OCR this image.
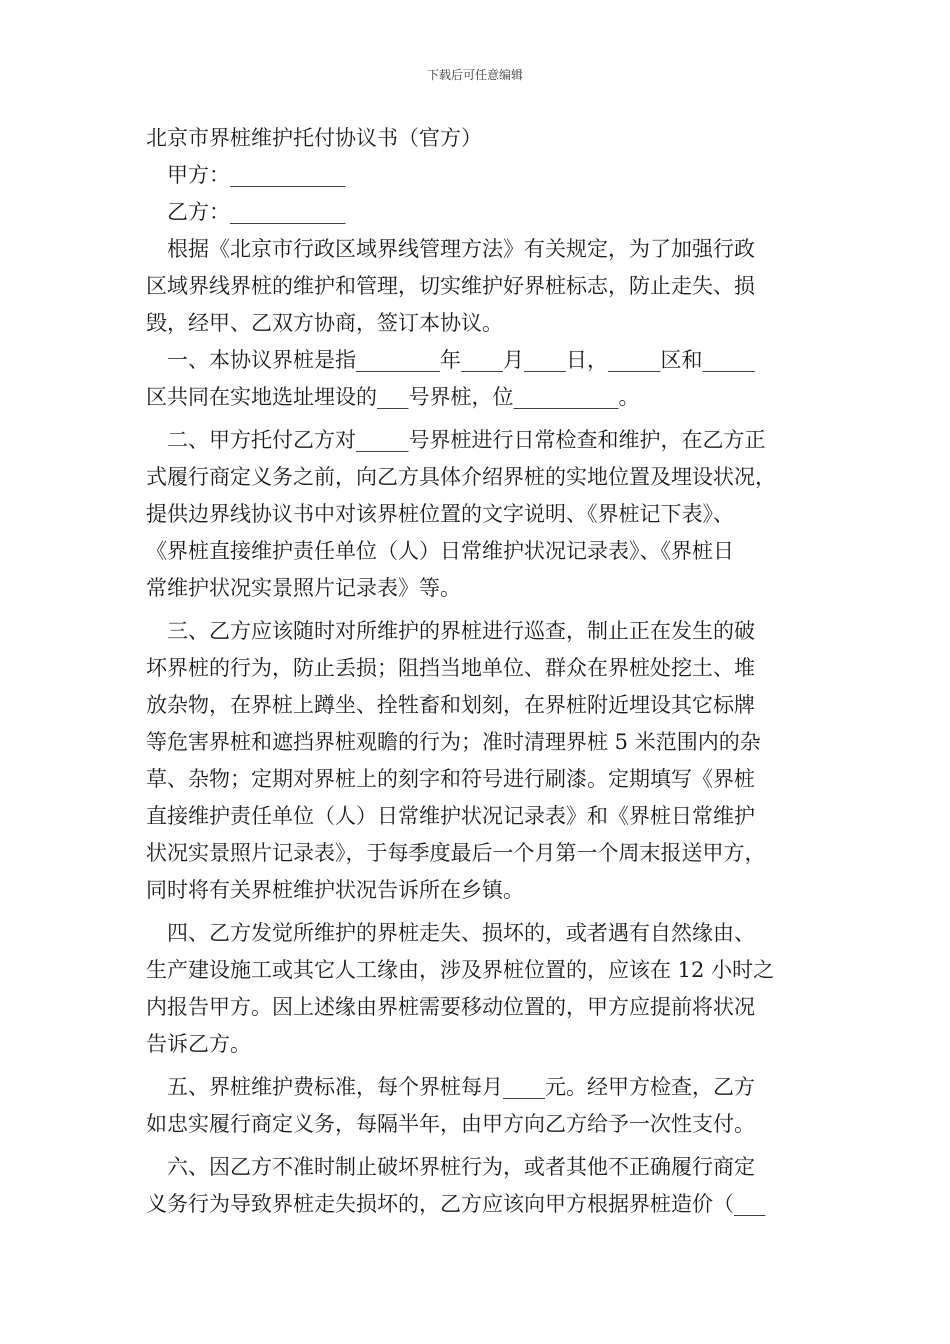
下载后可任意编辑
北京市界桩维护托付协议书（官方）
甲方：___________
乙方：___________
根据《北京市行政区域界线管理方法》有关规定，为了加强行政
区域界线界桩的维护和管理，切实维护好界桩标志，防止走失、损
毁，经甲、乙双方协商，签订本协议。
一、本协议界桩是指________年____月____日，_____区和_____
区共同在实地选址埋设的___号界桩，位__________。
二、甲方托付乙方对_____号界桩进行日常检查和维护，在乙方正
式履行商定义务之前，向乙方具体介绍界桩的实地位置及埋设状况，
提供边界线协议书中对该界桩位置的文字说明、《界桩记下表》、
《界桩直接维护责任单位（人）日常维护状况记录表》、《界桩日
常维护状况实景照片记录表》等。
三、乙方应该随时对所维护的界桩进行巡查，制止正在发生的破
坏界桩的行为，防止丢损；阻挡当地单位、群众在界桩处挖土、堆
放杂物，在界桩上蹲坐、拴牲畜和划刻，在界桩附近埋设其它标牌
等危害界桩和遮挡界桩观瞻的行为；准时清理界桩 5 米范围内的杂
草、杂物；定期对界桩上的刻字和符号进行刷漆。定期填写《界桩
直接维护责任单位（人）日常维护状况记录表》和《界桩日常维护
状况实景照片记录表》，于每季度最后一个月第一个周末报送甲方，
同时将有关界桩维护状况告诉所在乡镇。
四、乙方发觉所维护的界桩走失、损坏的，或者遇有自然缘由、
生产建设施工或其它人工缘由，涉及界桩位置的，应该在 12 小时之
内报告甲方。因上述缘由界桩需要移动位置的，甲方应提前将状况
告诉乙方。
五、界桩维护费标准，每个界桩每月____元。经甲方检查，乙方
如忠实履行商定义务，每隔半年，由甲方向乙方给予一次性支付。
六、因乙方不准时制止破坏界桩行为，或者其他不正确履行商定
义务行为导致界桩走失损坏的，乙方应该向甲方根据界桩造价（___
